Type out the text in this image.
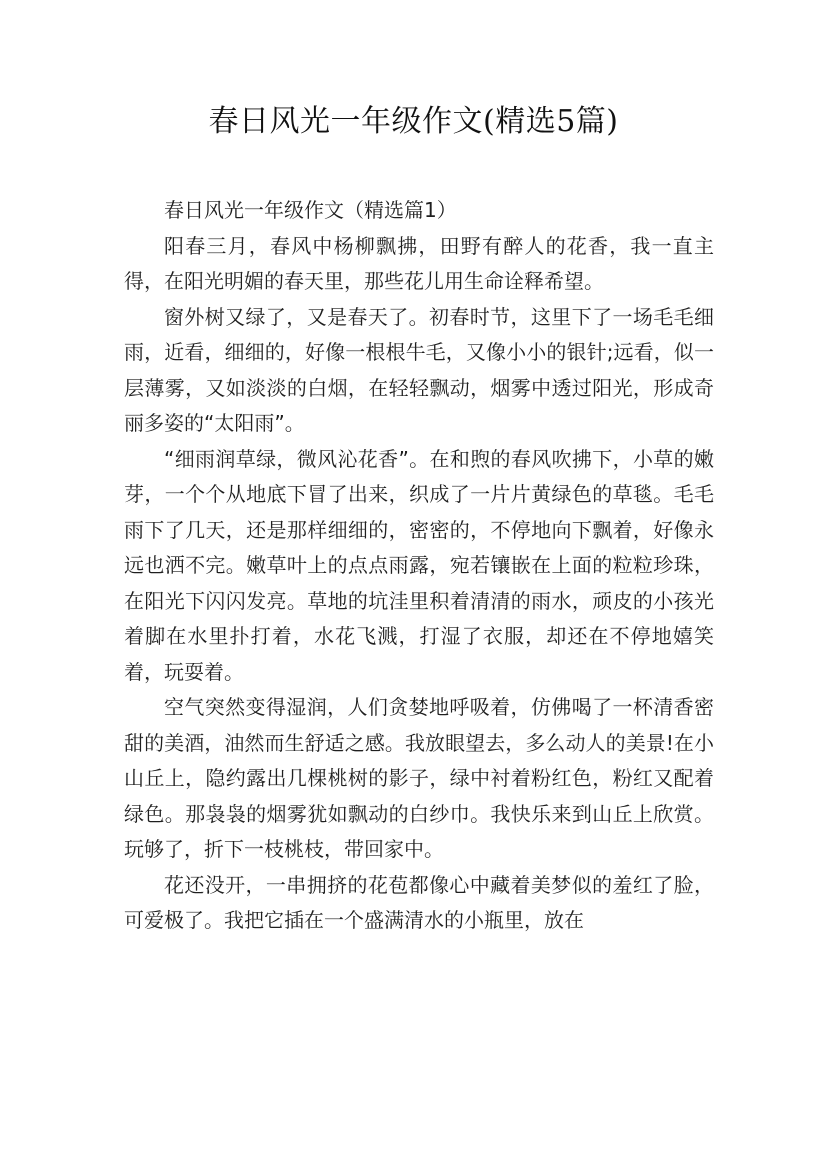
春日风光一年级作文(精选5篇)

春日风光一年级作文（精选篇1）

阳春三月，春风中杨柳飘拂，田野有醉人的花香，我一直主得，在阳光明媚的春天里，那些花儿用生命诠释希望。

窗外树又绿了，又是春天了。初春时节，这里下了一场毛毛细雨，近看，细细的，好像一根根牛毛，又像小小的银针;远看，似一层薄雾，又如淡淡的白烟，在轻轻飘动，烟雾中透过阳光，形成奇丽多姿的“太阳雨”。

“细雨润草绿，微风沁花香”。在和煦的春风吹拂下，小草的嫩芽，一个个从地底下冒了出来，织成了一片片黄绿色的草毯。毛毛雨下了几天，还是那样细细的，密密的，不停地向下飘着，好像永远也洒不完。嫩草叶上的点点雨露，宛若镶嵌在上面的粒粒珍珠，在阳光下闪闪发亮。草地的坑洼里积着清清的雨水，顽皮的小孩光着脚在水里扑打着，水花飞溅，打湿了衣服，却还在不停地嬉笑着，玩耍着。

空气突然变得湿润，人们贪婪地呼吸着，仿佛喝了一杯清香密甜的美酒，油然而生舒适之感。我放眼望去，多么动人的美景!在小山丘上，隐约露出几棵桃树的影子，绿中衬着粉红色，粉红又配着绿色。那袅袅的烟雾犹如飘动的白纱巾。我快乐来到山丘上欣赏。玩够了，折下一枝桃枝，带回家中。

花还没开，一串拥挤的花苞都像心中藏着美梦似的羞红了脸，可爱极了。我把它插在一个盛满清水的小瓶里，放在
